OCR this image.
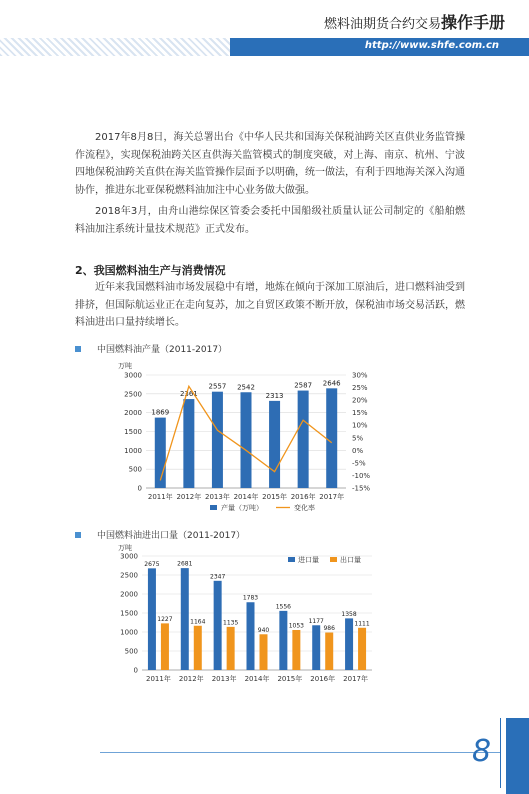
燃料油期货合约交易操作手册
http://www.shfe.com.cn

2017年8月8日，海关总署出台《中华人民共和国海关保税油跨关区直供业务监管操作流程》，实现保税油跨关区直供海关监管模式的制度突破，对上海、南京、杭州、宁波四地保税油跨关直供在海关监管操作层面予以明确，统一做法，有利于四地海关深入沟通协作，推进东北亚保税燃料油加注中心业务做大做强。

2018年3月，由舟山港综保区管委会委托中国船级社质量认证公司制定的《船舶燃料油加注系统计量技术规范》正式发布。

2、我国燃料油生产与消费情况

近年来我国燃料油市场发展稳中有增，地炼在倾向于深加工原油后，进口燃料油受到排挤，但国际航运业正在走向复苏，加之自贸区政策不断开放，保税油市场交易活跃，燃料油进出口量持续增长。

中国燃料油产量（2011-2017）
万吨
0
500
1000
1500
2000
2500
3000
-15%
-10%
-5%
0%
5%
10%
15%
20%
25%
30%
1869
2011年
2361
2012年
2557
2013年
2542
2014年
2313
2015年
2587
2016年
2646
2017年
产量（万吨）	变化率
中国燃料油进出口量（2011-2017）
万吨
0
500
1000
1500
2000
2500
3000
2675
1227
2011年
2681
1164
2012年
2347
1135
2013年
1783
940
2014年
1556
1053
2015年
1177
986
2016年
1358
1111
2017年
进口量	出口量
8
